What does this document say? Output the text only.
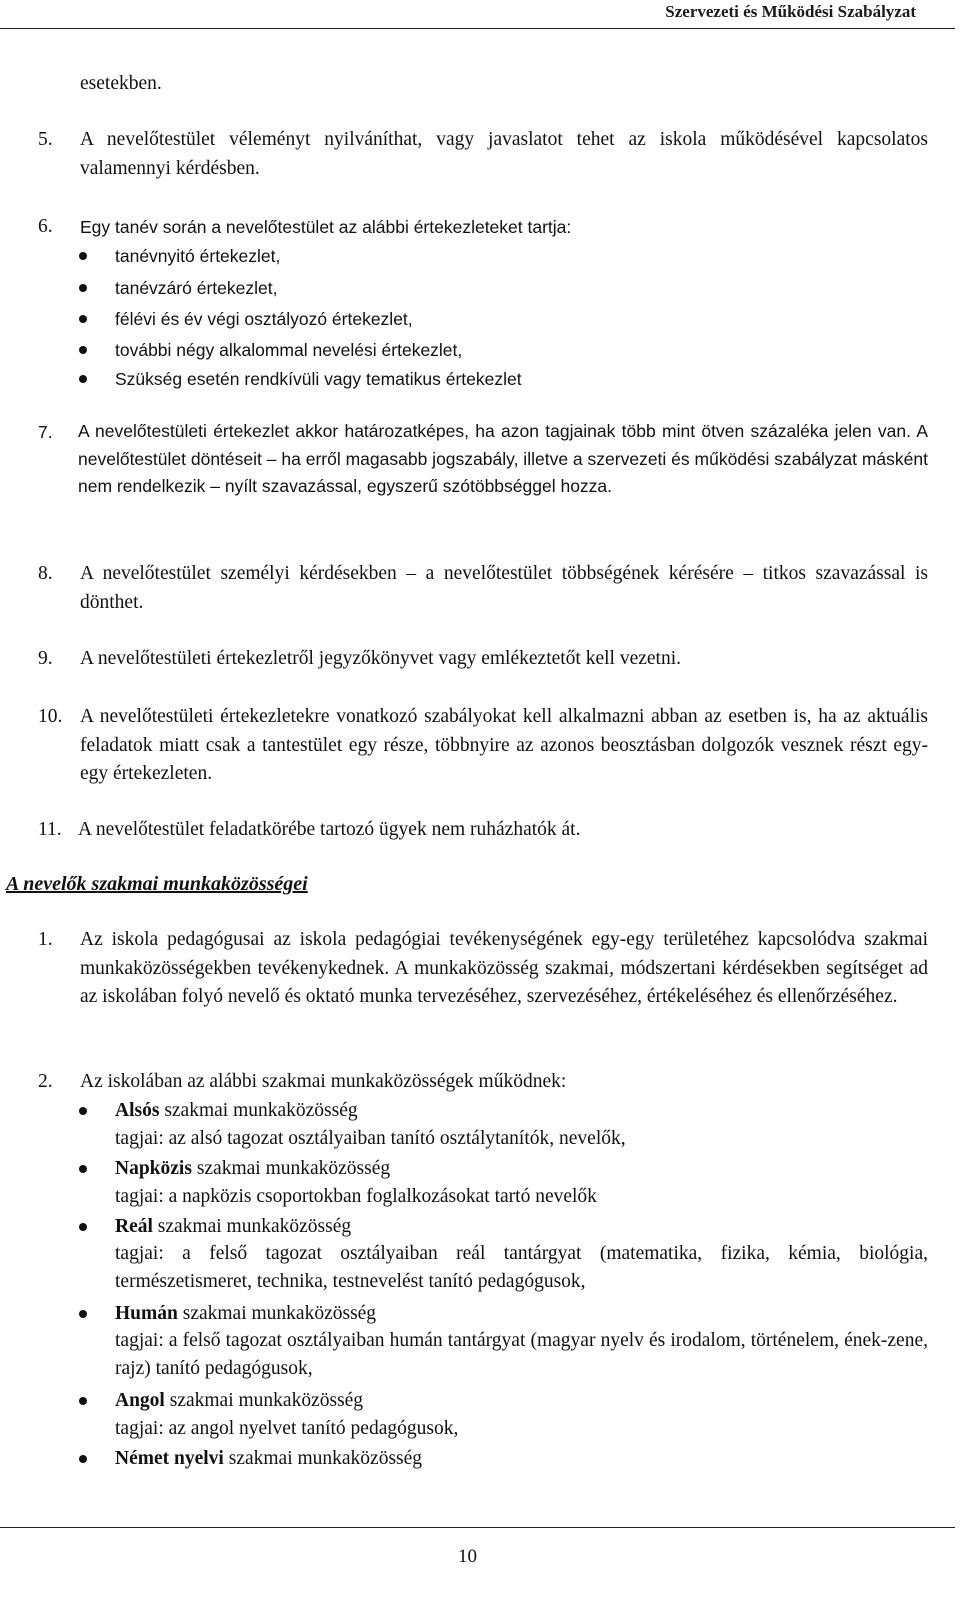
Szervezeti és Működési Szabályzat
esetekben.
5. A nevelőtestület véleményt nyilváníthat, vagy javaslatot tehet az iskola működésével kapcsolatos valamennyi kérdésben.
6. Egy tanév során a nevelőtestület az alábbi értekezleteket tartja:
tanévnyitó értekezlet,
tanévzáró értekezlet,
félévi és év végi osztályozó értekezlet,
további négy alkalommal nevelési értekezlet,
Szükség esetén rendkívüli vagy tematikus értekezlet
7. A nevelőtestületi értekezlet akkor határozatképes, ha azon tagjainak több mint ötven százaléka jelen van. A nevelőtestület döntéseit – ha erről magasabb jogszabály, illetve a szervezeti és működési szabályzat másként nem rendelkezik – nyílt szavazással, egyszerű szótöbbséggel hozza.
8. A nevelőtestület személyi kérdésekben – a nevelőtestület többségének kérésére – titkos szavazással is dönthet.
9. A nevelőtestületi értekezletről jegyzőkönyvet vagy emlékeztetőt kell vezetni.
10. A nevelőtestületi értekezletekre vonatkozó szabályokat kell alkalmazni abban az esetben is, ha az aktuális feladatok miatt csak a tantestület egy része, többnyire az azonos beosztásban dolgozók vesznek részt egy-egy értekezleten.
11. A nevelőtestület feladatkörébe tartozó ügyek nem ruházhatók át.
A nevelők szakmai munkaközösségei
1. Az iskola pedagógusai az iskola pedagógiai tevékenységének egy-egy területéhez kapcsolódva szakmai munkaközösségekben tevékenykednek. A munkaközösség szakmai, módszertani kérdésekben segítséget ad az iskolában folyó nevelő és oktató munka tervezéséhez, szervezéséhez, értékeléséhez és ellenőrzéséhez.
2. Az iskolában az alábbi szakmai munkaközösségek működnek:
Alsós szakmai munkaközösség
tagjai: az alsó tagozat osztályaiban tanító osztálytanítók, nevelők,
Napközis szakmai munkaközösség
tagjai: a napközis csoportokban foglalkozásokat tartó nevelők
Reál szakmai munkaközösség
tagjai: a felső tagozat osztályaiban reál tantárgyat (matematika, fizika, kémia, biológia, természetismeret, technika, testnevelést tanító pedagógusok,
Humán szakmai munkaközösség
tagjai: a felső tagozat osztályaiban humán tantárgyat (magyar nyelv és irodalom, történelem, ének-zene, rajz) tanító pedagógusok,
Angol szakmai munkaközösség
tagjai: az angol nyelvet tanító pedagógusok,
Német nyelvi szakmai munkaközösség
10
